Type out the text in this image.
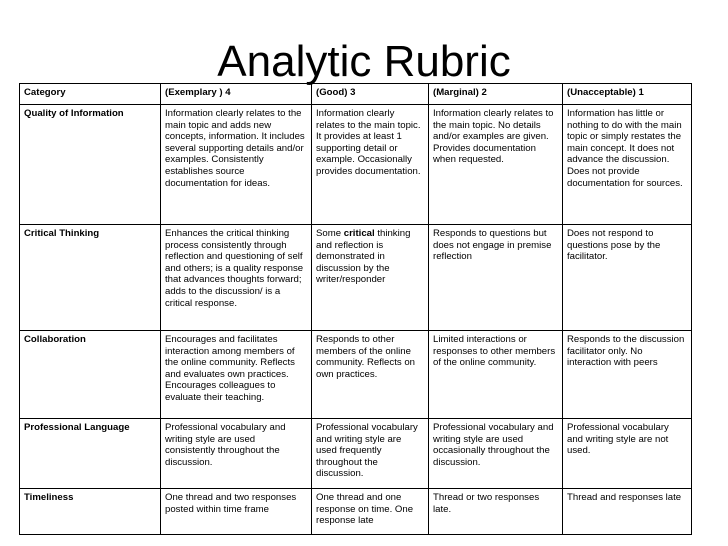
Analytic Rubric
Category	(Exemplary ) 4	(Good) 3	(Marginal) 2	(Unacceptable) 1
Quality of Information	Information clearly relates to the main topic and adds new concepts, information. It includes several supporting details and/or examples. Consistently establishes source documentation for ideas.	Information clearly relates to the main topic. It provides at least 1 supporting detail or example. Occasionally provides documentation.	Information clearly relates to the main topic. No details and/or examples are given. Provides documentation when requested.	Information has little or nothing to do with the main topic or simply restates the main concept. It does not advance the discussion. Does not provide documentation for sources.
Critical Thinking	Enhances the critical thinking process consistently through reflection and questioning of self and others; is a quality response that advances thoughts forward; adds to the discussion/ is a critical response.	Some critical thinking and reflection is demonstrated in discussion by the writer/responder	Responds to questions but does not engage in premise reflection	Does not respond to questions pose by the facilitator.
Collaboration	Encourages and facilitates interaction among members of the online community. Reflects and evaluates own practices. Encourages colleagues to evaluate their teaching.	Responds to other members of the online community. Reflects on own practices.	Limited interactions or responses to other members of the online community.	Responds to the discussion facilitator only. No interaction with peers
Professional Language	Professional vocabulary and writing style are used consistently throughout the discussion.	Professional vocabulary and writing style are used frequently throughout the discussion.	Professional vocabulary and writing style are used occasionally throughout the discussion.	Professional vocabulary and writing style are not used.
Timeliness	One thread and two responses posted within time frame	One thread and one response on time. One response late	Thread or two responses late.	Thread and responses late
